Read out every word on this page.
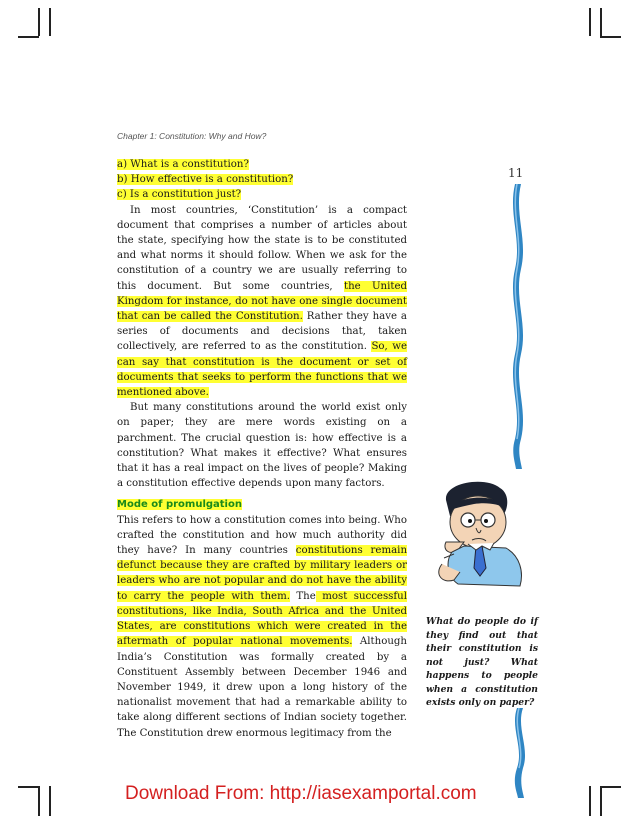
Chapter 1: Constitution: Why and How?
11

a) What is a constitution?

b) How effective is a constitution?

c) Is a constitution just?

In most countries, ‘Constitution’ is a compact document that comprises a number of articles about the state, specifying how the state is to be constituted and what norms it should follow. When we ask for the constitution of a country we are usually referring to this document. But some countries, the United Kingdom for instance, do not have one single document that can be called the Constitution. Rather they have a series of documents and decisions that, taken collectively, are referred to as the constitution. So, we can say that constitution is the document or set of documents that seeks to perform the functions that we mentioned above.

But many constitutions around the world exist only on paper; they are mere words existing on a parchment. The crucial question is: how effective is a constitution? What makes it effective? What ensures that it has a real impact on the lives of people? Making a constitution effective depends upon many factors.

Mode of promulgation

This refers to how a constitution comes into being. Who crafted the constitution and how much authority did they have? In many countries constitutions remain defunct because they are crafted by military leaders or leaders who are not popular and do not have the ability to carry the people with them. The most successful constitutions, like India, South Africa and the United States, are constitutions which were created in the aftermath of popular national movements. Although India’s Constitution was formally created by a Constituent Assembly between December 1946 and November 1949, it drew upon a long history of the nationalist movement that had a remarkable ability to take along different sections of Indian society together. The Constitution drew enormous legitimacy from the

What do people do if they find out that their constitution is not just? What happens to people when a constitution exists only on paper?
Download From: http://iasexamportal.com
